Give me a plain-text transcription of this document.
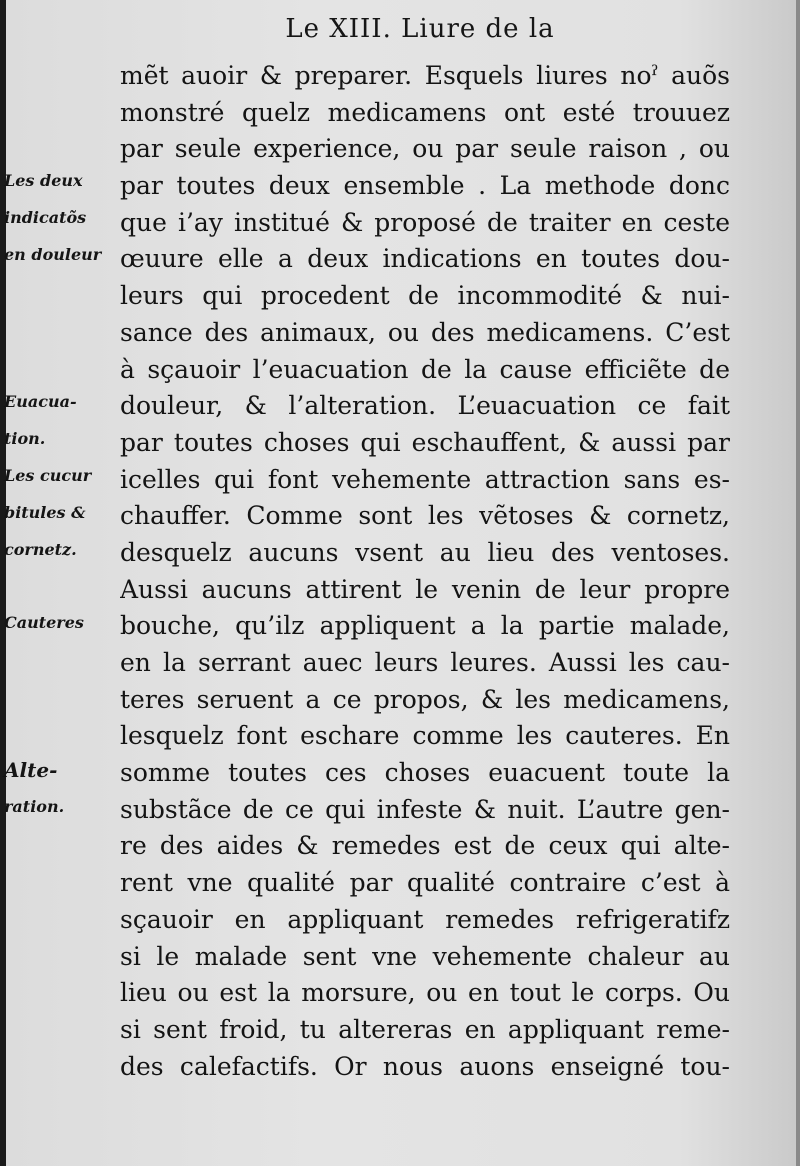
Le XIII. Liure de la
mẽt auoir & preparer. Esquels liures noˀ auõs
monstré quelz medicamens ont esté trouuez
par seule experience, ou par seule raison , ou
par toutes deux ensemble . La methode donc
que i’ay institué & proposé de traiter en ceste
œuure elle a deux indications en toutes dou-
leurs qui procedent de incommodité & nui-
sance des animaux, ou des medicamens. C’est
à sçauoir l’euacuation de la cause efficiẽte de
douleur, & l’alteration. L’euacuation ce fait
par toutes choses qui eschauffent, & aussi par
icelles qui font vehemente attraction sans es-
chauffer. Comme sont les vẽtoses & cornetz,
desquelz aucuns vsent au lieu des ventoses.
Aussi aucuns attirent le venin de leur propre
bouche, qu’ilz appliquent a la partie malade,
en la serrant auec leurs leures. Aussi les cau-
teres seruent a ce propos, & les medicamens,
lesquelz font eschare comme les cauteres. En
somme toutes ces choses euacuent toute la
substãce de ce qui infeste & nuit. L’autre gen-
re des aides & remedes est de ceux qui alte-
rent vne qualité par qualité contraire c’est à
sçauoir en appliquant remedes refrigeratifz
si le malade sent vne vehemente chaleur au
lieu ou est la morsure, ou en tout le corps. Ou
si sent froid, tu altereras en appliquant reme-
des calefactifs. Or nous auons enseigné tou-
Les deux
indicatõs
en douleur
Euacua-
tion.
Les cucur
bitules &
cornetz.
Cauteres
Alte-
ration.
